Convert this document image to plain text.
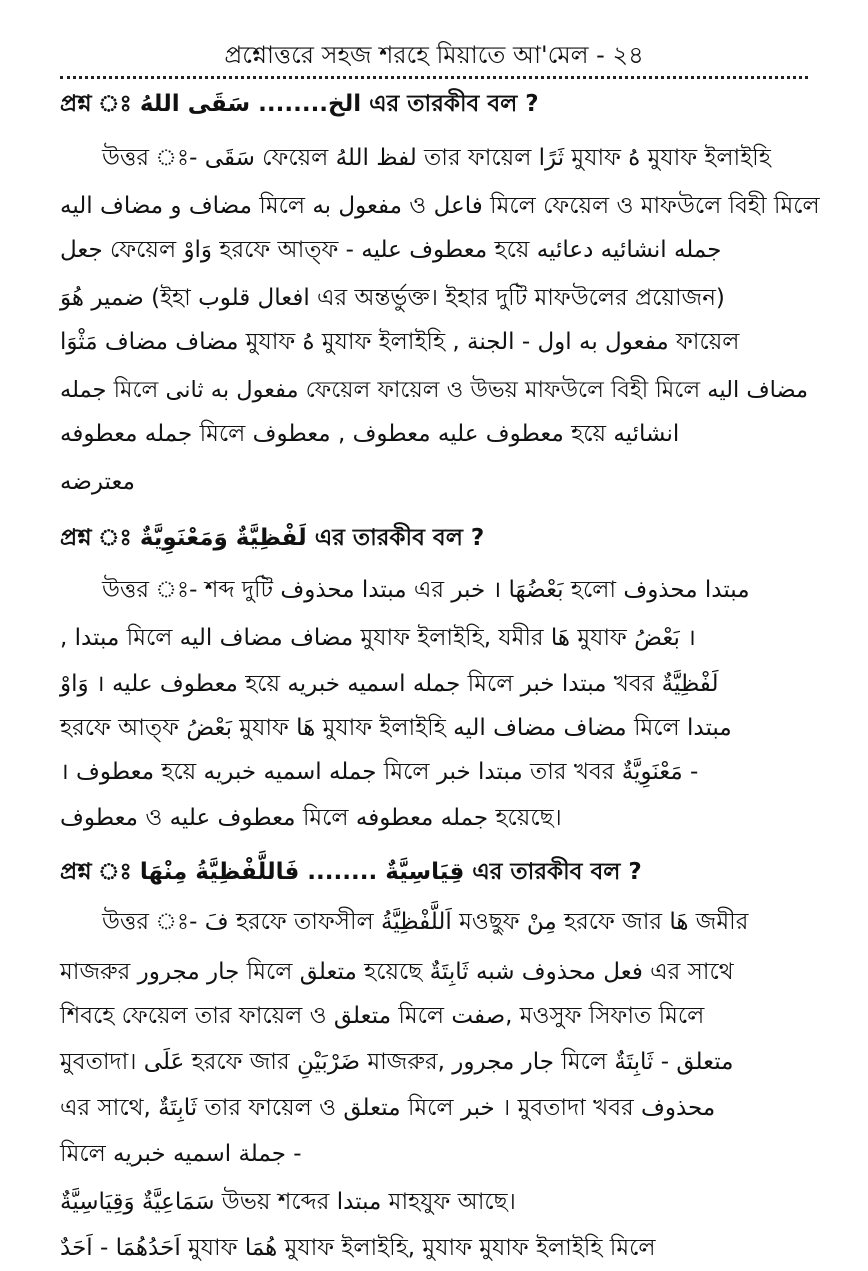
প্রশ্নোত্তরে সহজ শরহে মিয়াতে আ'মেল - ২৪
প্রশ্ন ঃ الخ........ سَقَى اللهُ এর তারকীব বল ?
উত্তর ঃ- سَقَى ফেয়েল لفظ اللهُ তার ফায়েল ثَرًا মুযাফ هُ মুযাফ ইলাইহি
مضاف و مضاف اليه মিলে مفعول به ও فاعل মিলে ফেয়েল ও মাফউলে বিহী মিলে
جعل ফেয়েল وَاوْ হরফে আত্‌ফ - معطوف عليه হয়ে جمله انشائيه دعائيه
ضمير هُوَ (ইহা افعال قلوب এর অন্তর্ভুক্ত। ইহার দুটি মাফউলের প্রয়োজন)
مضاف مضاف مَثْوَا মুযাফ هُ মুযাফ ইলাইহি , مفعول به اول - الجنة ফায়েল
جمله মিলে مفعول به ثانى ফেয়েল ফায়েল ও উভয় মাফউলে বিহী মিলে مضاف اليه
جمله معطوفه মিলে معطوف عليه معطوف , معطوف হয়ে انشائيه
معترضه
প্রশ্ন ঃ لَفْظِيَّةٌ وَمَعْنَوِيَّةٌ এর তারকীব বল ?
উত্তর ঃ- শব্দ দুটি مبتدا محذوف এর خبر । بَعْضُهَا হলো مبتدا محذوف
, مبتدا মিলে مضاف مضاف اليه মুযাফ ইলাইহি, যমীর هَا মুযাফ بَعْضُ ।
وَاوْ । معطوف عليه হয়ে جمله اسميه خبريه মিলে مبتدا خبر খবর لَفْظِيَّةٌ
হরফে আত্‌ফ بَعْضُ মুযাফ هَا মুযাফ ইলাইহি مضاف مضاف اليه মিলে مبتدا
। معطوف হয়ে جمله اسميه خبريه মিলে مبتدا خبر তার খবর مَعْنَوِيَّةٌ -
معطوف ও معطوف عليه মিলে جمله معطوفه হয়েছে।
প্রশ্ন ঃ قِيَاسِيَّةٌ ........ فَاللَّفْظِيَّةُ مِنْهَا এর তারকীব বল ?
উত্তর ঃ- فَ হরফে তাফসীল اَللَّفْظِيَّةُ মওছুফ مِنْ হরফে জার هَا জমীর
মাজরুর جار مجرور মিলে متعلق হয়েছে فعل محذوف شبه ثَابِتَةٌ এর সাথে
শিবহে ফেয়েল তার ফায়েল ও متعلق মিলে صفت, মওসুফ সিফাত মিলে
মুবতাদা। عَلَى হরফে জার ضَرْبَيْنِ মাজরুর, جار مجرور মিলে متعلق - ثَابِتَةٌ
এর সাথে, ثَابِتَةٌ তার ফায়েল ও متعلق মিলে خبر । মুবতাদা খবর محذوف
মিলে جملة اسميه خبريه -
سَمَاعِيَّةٌ وَقِيَاسِيَّةٌ উভয় শব্দের مبتدا মাহযুফ আছে।
اَحَدُهُمَا - اَحَدٌ মুযাফ هُمَا মুযাফ ইলাইহি, মুযাফ মুযাফ ইলাইহি মিলে
